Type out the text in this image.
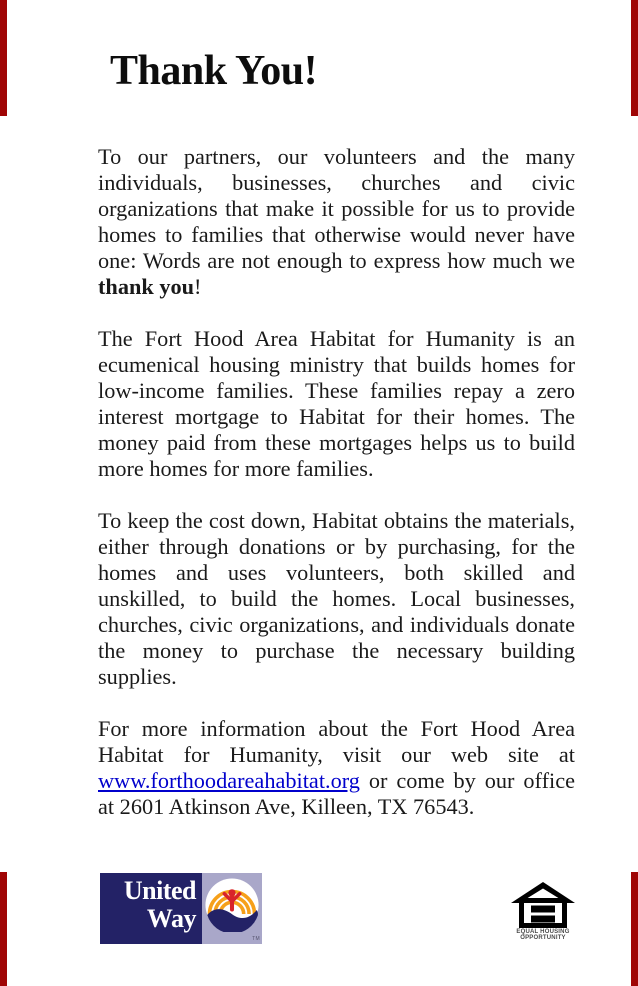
Thank You!

To our partners, our volunteers and the many individuals, businesses, churches and civic organizations that make it possible for us to provide homes to families that otherwise would never have one: Words are not enough to express how much we thank you!

The Fort Hood Area Habitat for Humanity is an ecumenical housing ministry that builds homes for low-income families. These families repay a zero interest mortgage to Habitat for their homes. The money paid from these mortgages helps us to build more homes for more families.

To keep the cost down, Habitat obtains the materials, either through donations or by purchasing, for the homes and uses volunteers, both skilled and unskilled, to build the homes. Local businesses, churches, civic organizations, and individuals donate the money to purchase the necessary building supplies.

For more information about the Fort Hood Area Habitat for Humanity, visit our web site at www.forthoodareahabitat.org or come by our office at 2601 Atkinson Ave, Killeen, TX 76543.

United
Way
TM
EQUAL HOUSING
OPPORTUNITY
